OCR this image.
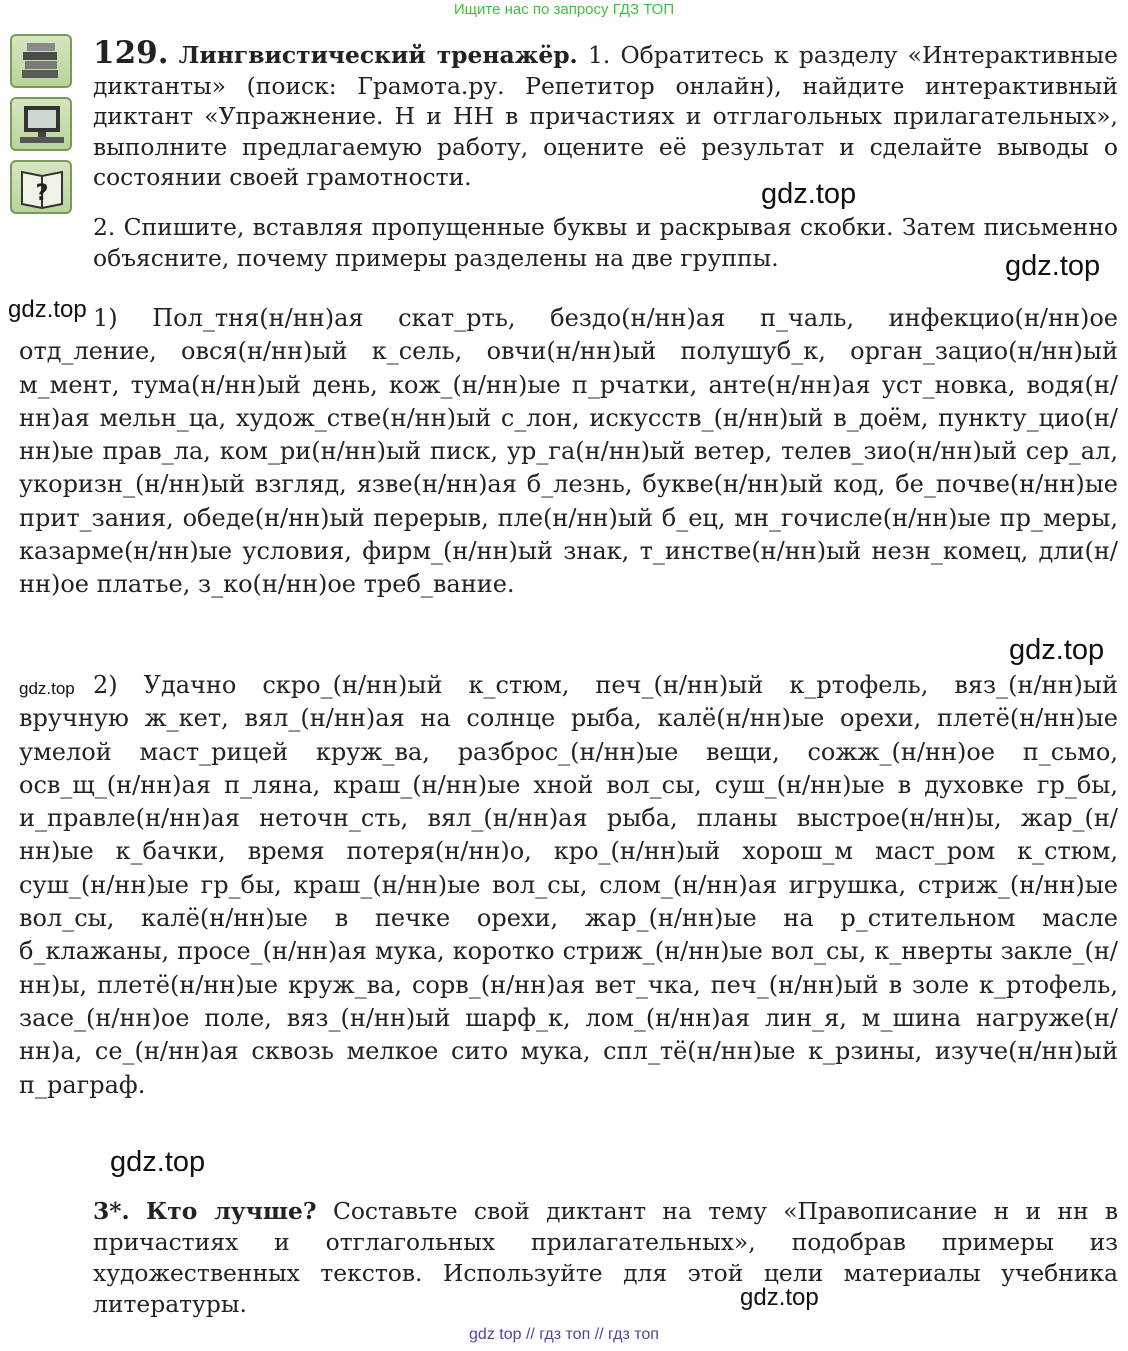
Ищите нас по запросу ГДЗ ТОП
?

129. Лингвистический тренажёр. 1. Обратитесь к разделу «Интерактивные диктанты» (поиск: Грамота.ру. Репетитор онлайн), найдите интерактивный диктант «Упражнение. Н и НН в причастиях и отглагольных прилагательных», выполните предлагаемую работу, оцените её результат и сделайте выводы о состоянии своей грамотности.

2. Спишите, вставляя пропущенные буквы и раскрывая скобки. Затем письменно объясните, почему примеры разделены на две группы.

1) Пол_тня(н/нн)ая скат_рть, бездо(н/нн)ая п_чаль, инфекцио(н/нн)ое отд_ление, овся(н/нн)ый к_сель, овчи(н/нн)ый полушуб_к, орган_зацио(н/нн)ый м_мент, тума(н/нн)ый день, кож_(н/нн)ые п_рчатки, анте(н/нн)ая уст_новка, водя(н/нн)ая мельн_ца, худож_стве(н/нн)ый с_лон, искусств_(н/нн)ый в_доём, пункту_цио(н/нн)ые прав_ла, ком_ри(н/нн)ый писк, ур_га(н/нн)ый ветер, телев_зио(н/нн)ый сер_ал, укоризн_(н/нн)ый взгляд, язве(н/нн)ая б_лезнь, букве(н/нн)ый код, бе_почве(н/нн)ые прит_зания, обеде(н/нн)ый перерыв, пле(н/нн)ый б_ец, мн_гочисле(н/нн)ые пр_меры, казарме(н/нн)ые условия, фирм_(н/нн)ый знак, т_инстве(н/нн)ый незн_комец, дли(н/нн)ое платье, з_ко(н/нн)ое треб_вание.

2) Удачно скро_(н/нн)ый к_стюм, печ_(н/нн)ый к_ртофель, вяз_(н/нн)ый вручную ж_кет, вял_(н/нн)ая на солнце рыба, калё(н/нн)ые орехи, плетё(н/нн)ые умелой маст_рицей круж_ва, разброс_(н/нн)ые вещи, сожж_(н/нн)ое п_сьмо, осв_щ_(н/нн)ая п_ляна, краш_(н/нн)ые хной вол_сы, суш_(н/нн)ые в духовке гр_бы, и_правле(н/нн)ая неточн_сть, вял_(н/нн)ая рыба, планы выстрое(н/нн)ы, жар_(н/нн)ые к_бачки, время потеря(н/нн)о, кро_(н/нн)ый хорош_м маст_ром к_стюм, суш_(н/нн)ые гр_бы, краш_(н/нн)ые вол_сы, слом_(н/нн)ая игрушка, стриж_(н/нн)ые вол_сы, калё(н/нн)ые в печке орехи, жар_(н/нн)ые на р_стительном масле б_клажаны, просе_(н/нн)ая мука, коротко стриж_(н/нн)ые вол_сы, к_нверты закле_(н/нн)ы, плетё(н/нн)ые круж_ва, сорв_(н/нн)ая вет_чка, печ_(н/нн)ый в золе к_ртофель, засе_(н/нн)ое поле, вяз_(н/нн)ый шарф_к, лом_(н/нн)ая лин_я, м_шина нагруже(н/нн)а, се_(н/нн)ая сквозь мелкое сито мука, спл_тё(н/нн)ые к_рзины, изуче(н/нн)ый п_раграф.

3*. Кто лучше? Составьте свой диктант на тему «Правописание н и нн в причастиях и отглагольных прилагательных», подобрав примеры из художественных текстов. Используйте для этой цели материалы учебника литературы.

gdz.top
gdz.top
gdz.top
gdz.top
gdz.top
gdz.top
gdz.top
gdz top // гдз топ // гдз топ
